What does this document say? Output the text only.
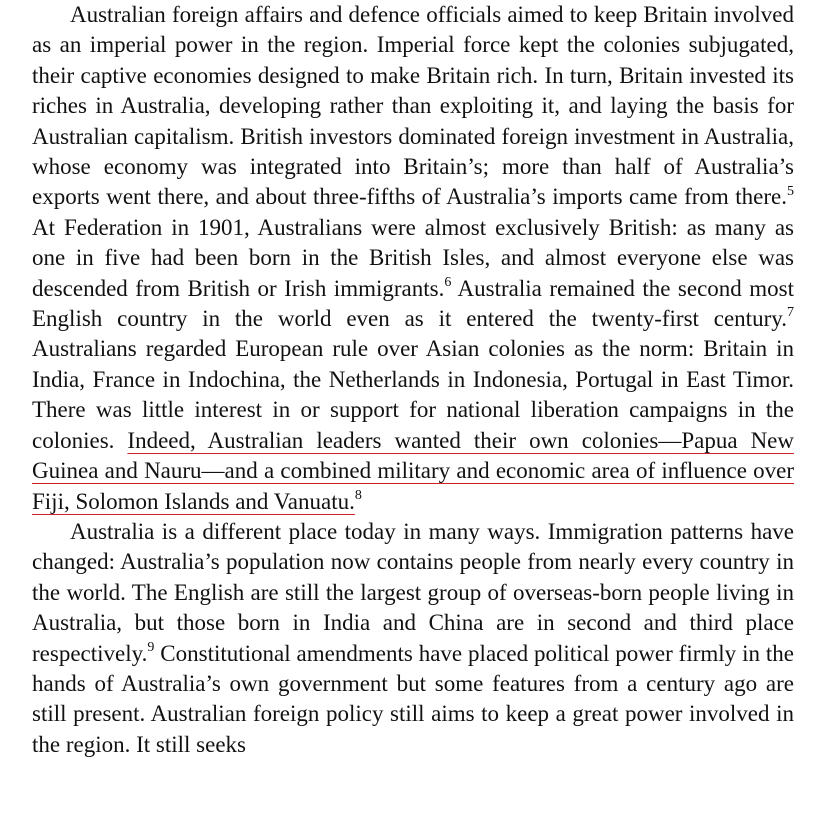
Australian foreign affairs and defence officials aimed to keep Britain involved as an imperial power in the region. Imperial force kept the colonies subjugated, their captive economies designed to make Britain rich. In turn, Britain invested its riches in Australia, developing rather than exploiting it, and laying the basis for Australian capitalism. British investors dominated foreign investment in Australia, whose economy was integrated into Britain’s; more than half of Australia’s exports went there, and about three-fifths of Australia’s imports came from there.$^5$ At Federation in 1901, Australians were almost exclusively British: as many as one in five had been born in the British Isles, and almost everyone else was descended from British or Irish immigrants.$^6$ Australia remained the second most English country in the world even as it entered the twenty-first century.$^7$ Australians regarded European rule over Asian colonies as the norm: Britain in India, France in Indochina, the Netherlands in Indonesia, Portugal in East Timor. There was little interest in or support for national liberation campaigns in the colonies. Indeed, Australian leaders wanted their own colonies—Papua New Guinea and Nauru—and a combined military and economic area of influence over Fiji, Solomon Islands and Vanuatu.$^8$

Australia is a different place today in many ways. Immigration patterns have changed: Australia’s population now contains people from nearly every country in the world. The English are still the largest group of overseas-born people living in Australia, but those born in India and China are in second and third place respectively.$^9$ Constitutional amendments have placed political power firmly in the hands of Australia’s own government but some features from a century ago are still present. Australian foreign policy still aims to keep a great power involved in the region. It still seeks
